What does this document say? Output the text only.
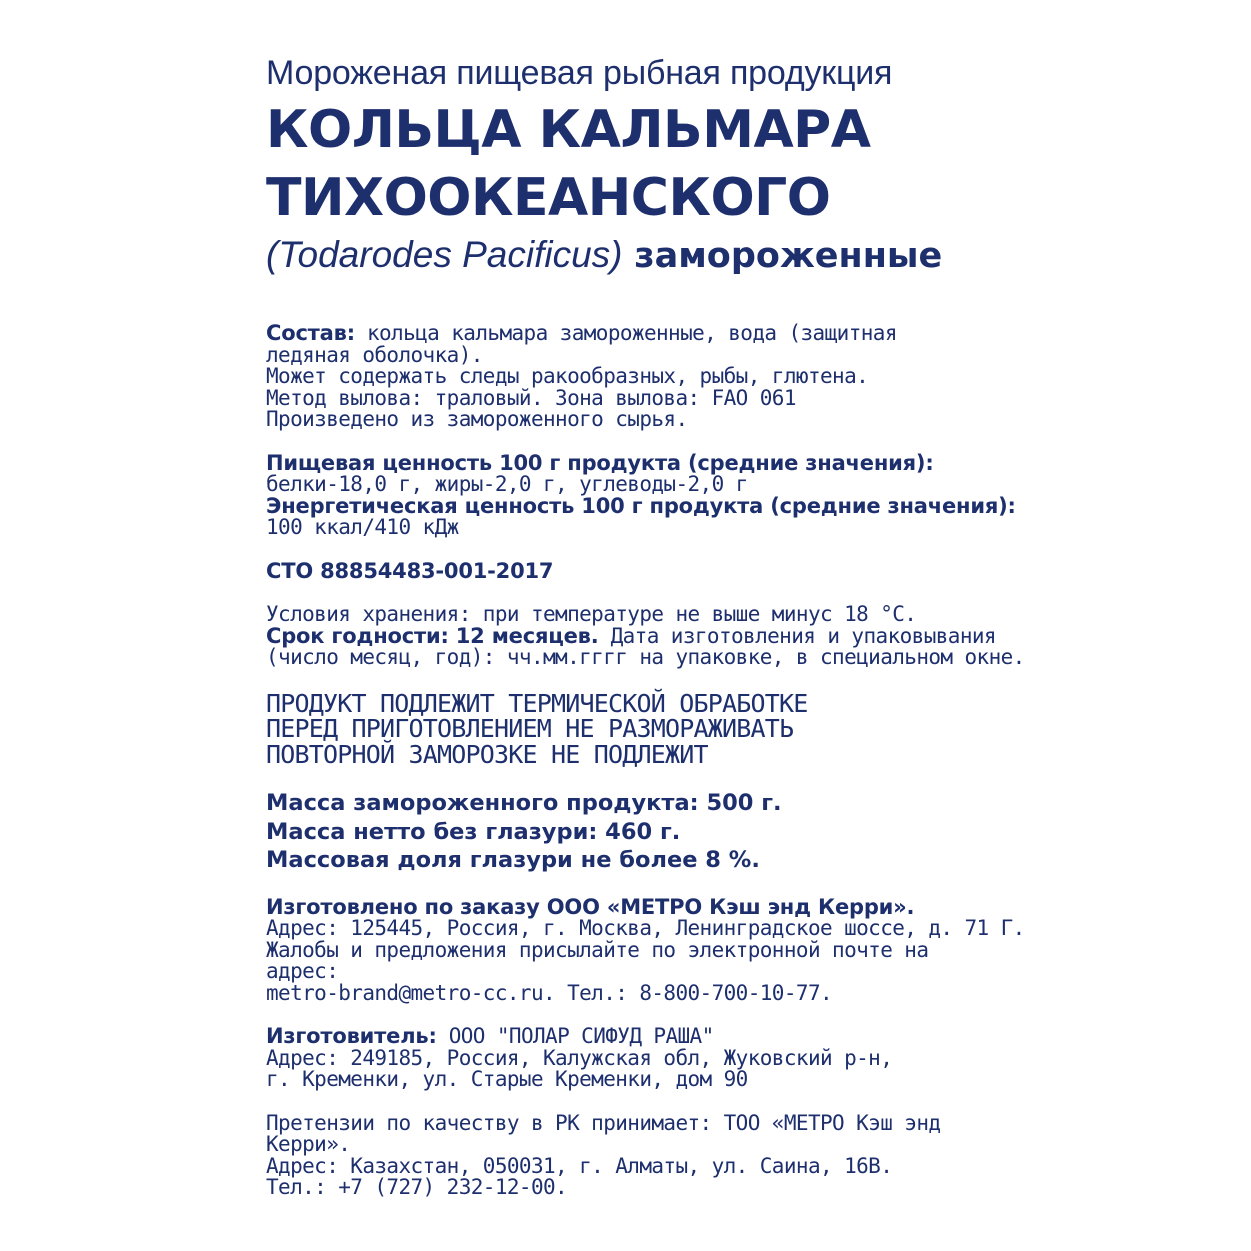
Мороженая пищевая рыбная продукция

КОЛЬЦА КАЛЬМАРА
ТИХООКЕАНСКОГО

(Todarodes Pacificus) замороженные

Состав: кольца кальмара замороженные, вода (защитная
ледяная оболочка).
Может содержать следы ракообразных, рыбы, глютена.
Метод вылова: траловый. Зона вылова: FAO 061
Произведено из замороженного сырья.
Пищевая ценность 100 г продукта (средние значения):
белки-18,0 г, жиры-2,0 г, углеводы-2,0 г
Энергетическая ценность 100 г продукта (средние значения):
100 ккал/410 кДж
СТО 88854483-001-2017
Условия хранения: при температуре не выше минус 18 °С.
Срок годности: 12 месяцев. Дата изготовления и упаковывания
(число месяц, год): чч.мм.гггг на упаковке, в специальном окне.
ПРОДУКТ ПОДЛЕЖИТ ТЕРМИЧЕСКОЙ ОБРАБОТКЕ
ПЕРЕД ПРИГОТОВЛЕНИЕМ НЕ РАЗМОРАЖИВАТЬ
ПОВТОРНОЙ ЗАМОРОЗКЕ НЕ ПОДЛЕЖИТ
Масса замороженного продукта: 500 г.
Масса нетто без глазури: 460 г.
Массовая доля глазури не более 8 %.
Изготовлено по заказу ООО «МЕТРО Кэш энд Керри».
Адрес: 125445, Россия, г. Москва, Ленинградское шоссе, д. 71 Г.
Жалобы и предложения присылайте по электронной почте на
адрес:
metro-brand@metro-cc.ru. Тел.: 8-800-700-10-77.
Изготовитель: ООО "ПОЛАР СИФУД РАША"
Адрес: 249185, Россия, Калужская обл, Жуковский р-н,
г. Кременки, ул. Старые Кременки, дом 90
Претензии по качеству в РК принимает: ТОО «МЕТРО Кэш энд
Керри».
Адрес: Казахстан, 050031, г. Алматы, ул. Саина, 16В.
Тел.: +7 (727) 232-12-00.
